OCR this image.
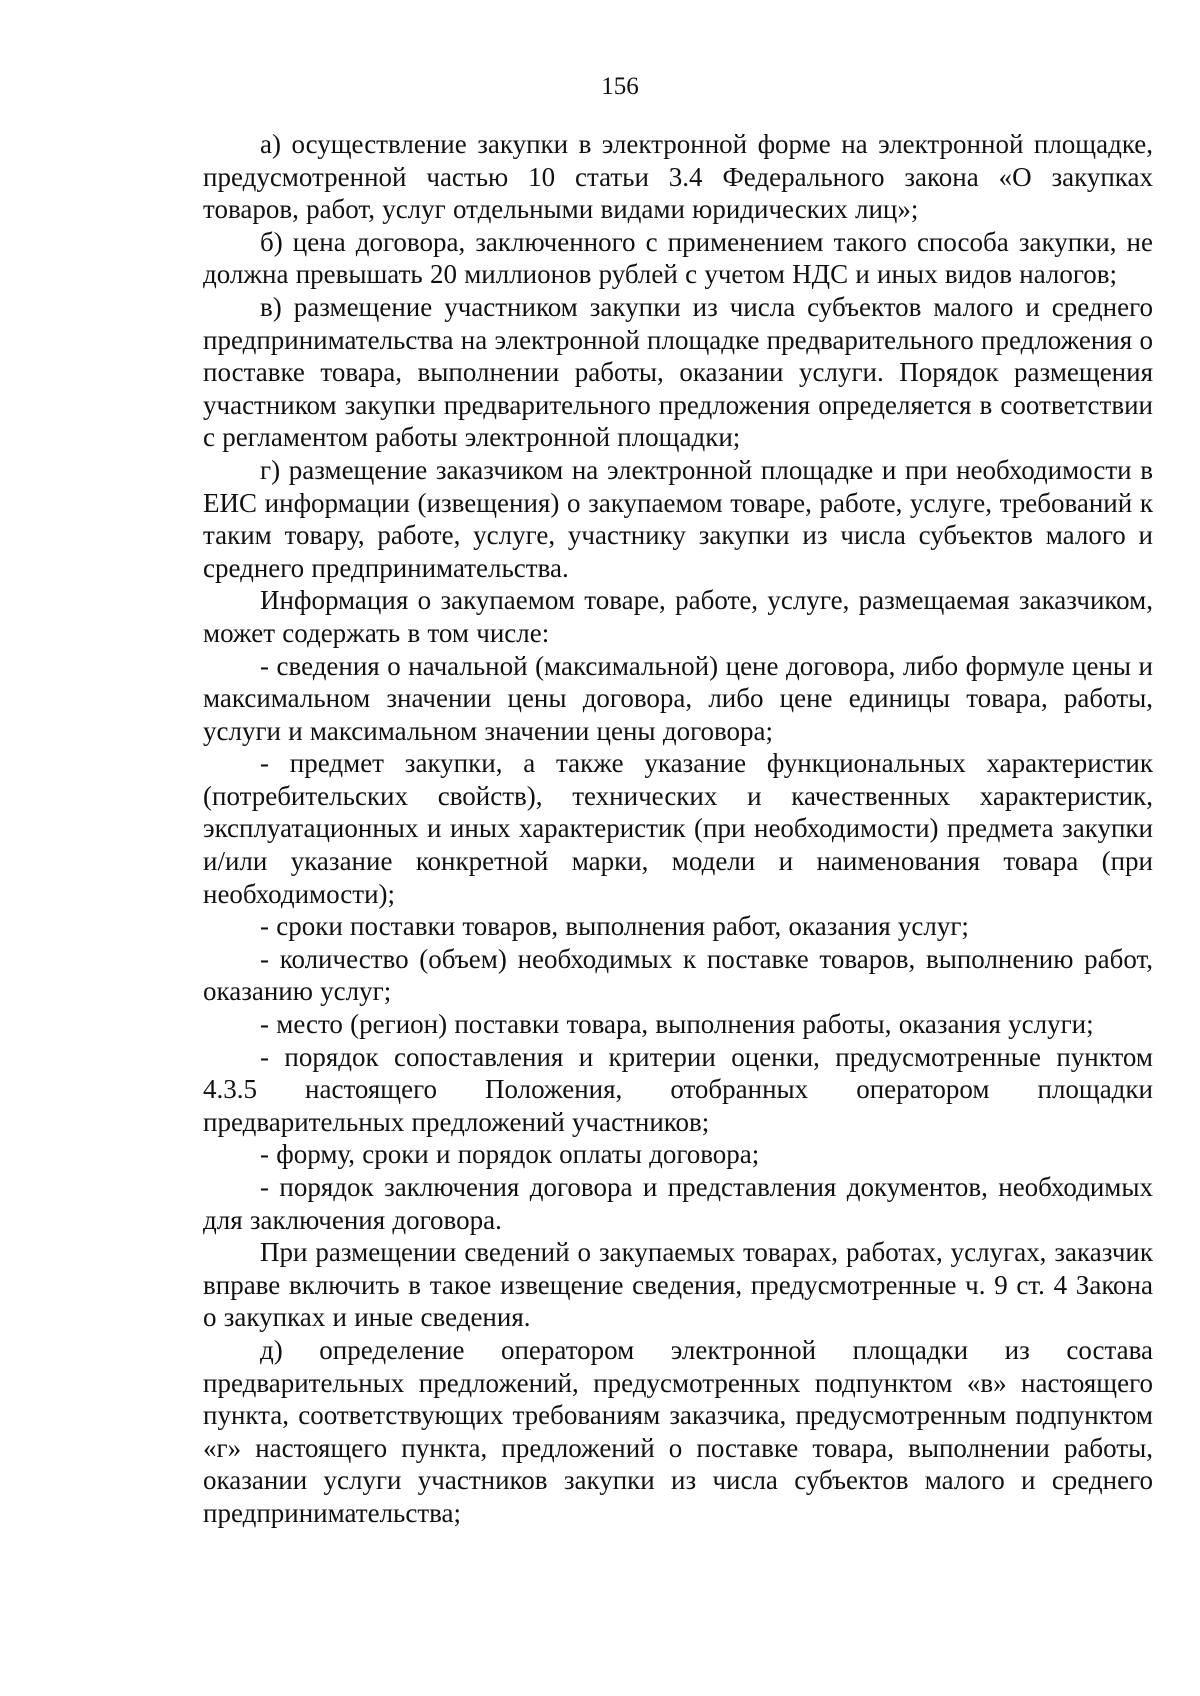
156

а) осуществление закупки в электронной форме на электронной площадке, предусмотренной частью 10 статьи 3.4 Федерального закона «О закупках товаров, работ, услуг отдельными видами юридических лиц»;

б) цена договора, заключенного с применением такого способа закупки, не должна превышать 20 миллионов рублей с учетом НДС и иных видов налогов;

в) размещение участником закупки из числа субъектов малого и среднего предпринимательства на электронной площадке предварительного предложения о поставке товара, выполнении работы, оказании услуги. Порядок размещения участником закупки предварительного предложения определяется в соответствии с регламентом работы электронной площадки;

г) размещение заказчиком на электронной площадке и при необходимости в ЕИС информации (извещения) о закупаемом товаре, работе, услуге, требований к таким товару, работе, услуге, участнику закупки из числа субъектов малого и среднего предпринимательства.

Информация о закупаемом товаре, работе, услуге, размещаемая заказчиком, может содержать в том числе:

- сведения о начальной (максимальной) цене договора, либо формуле цены и максимальном значении цены договора, либо цене единицы товара, работы, услуги и максимальном значении цены договора;

- предмет закупки, а также указание функциональных характеристик (потребительских свойств), технических и качественных характеристик, эксплуатационных и иных характеристик (при необходимости) предмета закупки и/или указание конкретной марки, модели и наименования товара (при необходимости);

- сроки поставки товаров, выполнения работ, оказания услуг;

- количество (объем) необходимых к поставке товаров, выполнению работ, оказанию услуг;

- место (регион) поставки товара, выполнения работы, оказания услуги;

- порядок сопоставления и критерии оценки, предусмотренные пунктом 4.3.5 настоящего Положения, отобранных оператором площадки предварительных предложений участников;

- форму, сроки и порядок оплаты договора;

- порядок заключения договора и представления документов, необходимых для заключения договора.

При размещении сведений о закупаемых товарах, работах, услугах, заказчик вправе включить в такое извещение сведения, предусмотренные ч. 9 ст. 4 Закона о закупках и иные сведения.

д) определение оператором электронной площадки из состава предварительных предложений, предусмотренных подпунктом «в» настоящего пункта, соответствующих требованиям заказчика, предусмотренным подпунктом «г» настоящего пункта, предложений о поставке товара, выполнении работы, оказании услуги участников закупки из числа субъектов малого и среднего предпринимательства;
